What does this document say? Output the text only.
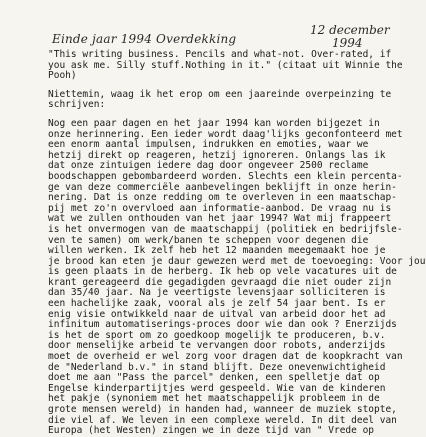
Einde jaar 1994 Overdekking
12 december
1994
"This writing business. Pencils and what-not. Over-rated, if
you ask me. Silly stuff.Nothing in it." (citaat uit Winnie the
Pooh)
Niettemin, waag ik het erop om een jaareinde overpeinzing te
schrijven:
Nog een paar dagen en het jaar 1994 kan worden bijgezet in
onze herinnering. Een ieder wordt daag'lijks geconfonteerd met
een enorm aantal impulsen, indrukken en emoties, waar we
hetzij direkt op reageren, hetzij ignoreren. Onlangs las ik
dat onze zintuigen iedere dag door ongeveer 2500 reclame
boodschappen gebombardeerd worden. Slechts een klein percenta-
ge van deze commerciële aanbevelingen beklijft in onze herin-
nering. Dat is onze redding om te overleven in een maatschap-
pij met zo'n overvloed aan informatie-aanbod. De vraag nu is
wat we zullen onthouden van het jaar 1994? Wat mij frappeert
is het onvermogen van de maatschappij (politiek en bedrijfsle-
ven te samen) om werk/banen te scheppen voor degenen die
willen werken. Ik zelf heb het 12 maanden meegemaakt hoe je
je brood kan eten je daur gewezen werd met de toevoeging: Voor jou
is geen plaats in de herberg. Ik heb op vele vacatures uit de
krant gereageerd die gegadigden gevraagd die niet ouder zijn
dan 35/40 jaar. Na je veertigste levensjaar solliciteren is
een hachelijke zaak, vooral als je zelf 54 jaar bent. Is er
enig visie ontwikkeld naar de uitval van arbeid door het ad
infinitum automatiserings-proces door wie dan ook ? Enerzijds
is het de sport om zo goedkoop mogelijk te produceren, b.v.
door menselijke arbeid te vervangen door robots, anderzijds
moet de overheid er wel zorg voor dragen dat de koopkracht van
de "Nederland b.v." in stand blijft. Deze onevenwichtigheid
doet me aan "Pass the parcel" denken, een spelletje dat op
Engelse kinderpartijtjes werd gespeeld. Wie van de kinderen
het pakje (synoniem met het maatschappelijk probleem in de
grote mensen wereld) in handen had, wanneer de muziek stopte,
die viel af. We leven in een complexe wereld. In dit deel van
Europa (het Westen) zingen we in deze tijd van " Vrede op
